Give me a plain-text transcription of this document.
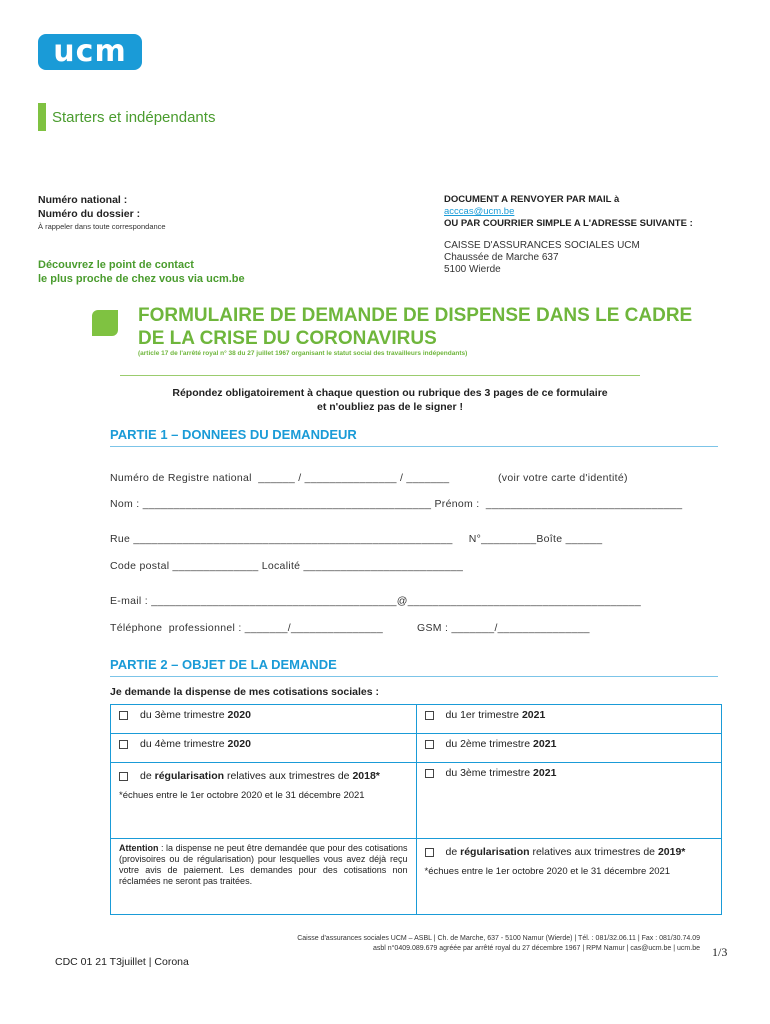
ucm
Starters et indépendants
Numéro national :
Numéro du dossier :
À rappeler dans toute correspondance
Découvrez le point de contact
le plus proche de chez vous via ucm.be
DOCUMENT A RENVOYER PAR MAIL à
acccas@ucm.be
OU PAR COURRIER SIMPLE A L'ADRESSE SUIVANTE :
CAISSE D'ASSURANCES SOCIALES UCM
Chaussée de Marche 637
5100 Wierde
FORMULAIRE DE DEMANDE DE DISPENSE DANS LE CADRE
DE LA CRISE DU CORONAVIRUS
(article 17 de l'arrêté royal n° 38 du 27 juillet 1967 organisant le statut social des travailleurs indépendants)
Répondez obligatoirement à chaque question ou rubrique des 3 pages de ce formulaire
et n'oubliez pas de le signer !
PARTIE 1 – DONNEES DU DEMANDEUR
Numéro de Registre national  ______ / _______________ / _______	(voir votre carte d'identité)
Nom : _______________________________________________ Prénom :  ________________________________
Rue ____________________________________________________     N°_________Boîte ______
Code postal ______________ Localité __________________________
E-mail : ________________________________________@______________________________________
Téléphone  professionnel : _______/_______________	GSM : _______/_______________
PARTIE 2 – OBJET DE LA DEMANDE
Je demande la dispense de mes cotisations sociales :
du 3ème trimestre 2020	du 1er trimestre 2021
du 4ème trimestre 2020	du 2ème trimestre 2021

de régularisation relatives aux trimestres de 2018*
*échues entre le 1er octobre 2020 et le 31 décembre 2021	du 3ème trimestre 2021

Attention : la dispense ne peut être demandée que pour des cotisations (provisoires ou de régularisation) pour lesquelles vous avez déjà reçu votre avis de paiement. Les demandes pour des cotisations non réclamées ne seront pas traitées.	de régularisation relatives aux trimestres de 2019*
*échues entre le 1er octobre 2020 et le 31 décembre 2021
Caisse d'assurances sociales UCM – ASBL | Ch. de Marche, 637 - 5100 Namur (Wierde) | Tél. : 081/32.06.11 | Fax : 081/30.74.09
asbl n°0409.089.679 agréée par arrêté royal du 27 décembre 1967 | RPM Namur | cas@ucm.be | ucm.be
CDC 01 21 T3juillet | Corona
1/3
